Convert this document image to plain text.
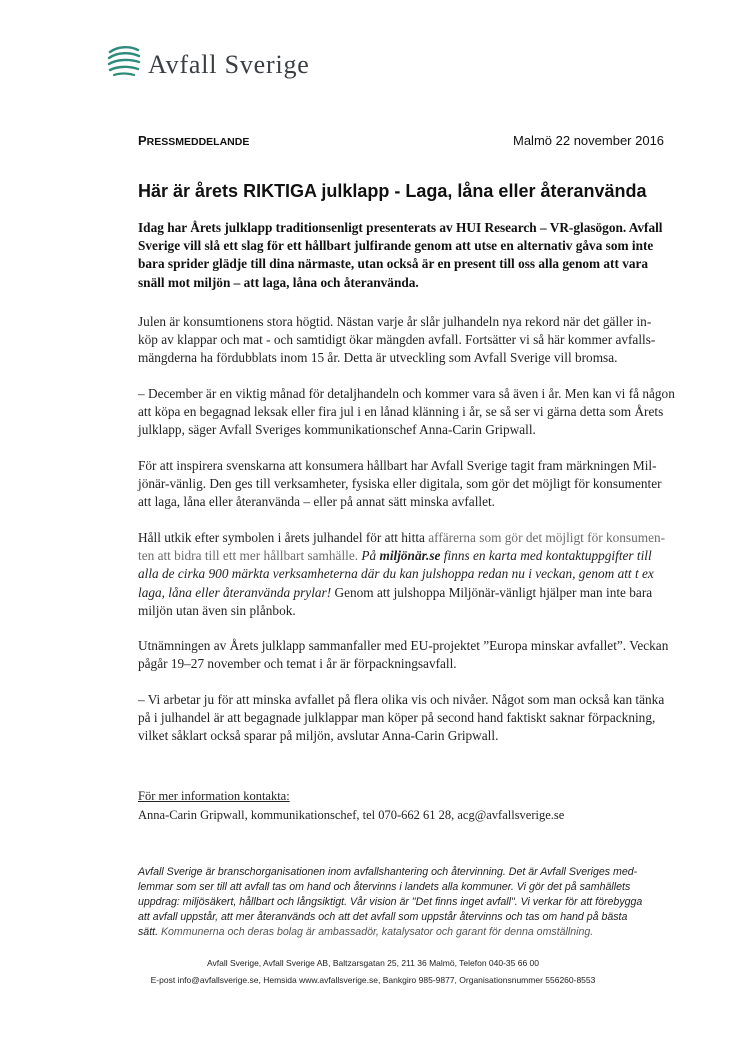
Avfall Sverige
PRESSMEDDELANDE	Malmö 22 november 2016
Här är årets RIKTIGA julklapp - Laga, låna eller återanvända

Idag har Årets julklapp traditionsenligt presenterats av HUI Research – VR-glasögon. Avfall

Sverige vill slå ett slag för ett hållbart julfirande genom att utse en alternativ gåva som inte

bara sprider glädje till dina närmaste, utan också är en present till oss alla genom att vara

snäll mot miljön – att laga, låna och återanvända.

Julen är konsumtionens stora högtid. Nästan varje år slår julhandeln nya rekord när det gäller in-

köp av klappar och mat - och samtidigt ökar mängden avfall. Fortsätter vi så här kommer avfalls-

mängderna ha fördubblats inom 15 år. Detta är utveckling som Avfall Sverige vill bromsa.

– December är en viktig månad för detaljhandeln och kommer vara så även i år. Men kan vi få någon

att köpa en begagnad leksak eller fira jul i en lånad klänning i år, se så ser vi gärna detta som Årets

julklapp, säger Avfall Sveriges kommunikationschef Anna-Carin Gripwall.

För att inspirera svenskarna att konsumera hållbart har Avfall Sverige tagit fram märkningen Mil-

jönär-vänlig. Den ges till verksamheter, fysiska eller digitala, som gör det möjligt för konsumenter

att laga, låna eller återanvända – eller på annat sätt minska avfallet.

Håll utkik efter symbolen i årets julhandel för att hitta affärerna som gör det möjligt för konsumen-

ten att bidra till ett mer hållbart samhälle. På miljönär.se finns en karta med kontaktuppgifter till

alla de cirka 900 märkta verksamheterna där du kan julshoppa redan nu i veckan, genom att t ex

laga, låna eller återanvända prylar! Genom att julshoppa Miljönär-vänligt hjälper man inte bara

miljön utan även sin plånbok.

Utnämningen av Årets julklapp sammanfaller med EU-projektet ”Europa minskar avfallet”. Veckan

pågår 19–27 november och temat i år är förpackningsavfall.

– Vi arbetar ju för att minska avfallet på flera olika vis och nivåer. Något som man också kan tänka

på i julhandel är att begagnade julklappar man köper på second hand faktiskt saknar förpackning,

vilket såklart också sparar på miljön, avslutar Anna-Carin Gripwall.

För mer information kontakta:
Anna-Carin Gripwall, kommunikationschef, tel 070-662 61 28, acg@avfallsverige.se
Avfall Sverige är branschorganisationen inom avfallshantering och återvinning. Det är Avfall Sveriges med-
lemmar som ser till att avfall tas om hand och återvinns i landets alla kommuner. Vi gör det på samhällets
uppdrag: miljösäkert, hållbart och långsiktigt. Vår vision är "Det finns inget avfall". Vi verkar för att förebygga
att avfall uppstår, att mer återanvänds och att det avfall som uppstår återvinns och tas om hand på bästa
sätt. Kommunerna och deras bolag är ambassadör, katalysator och garant för denna omställning.
Avfall Sverige, Avfall Sverige AB, Baltzarsgatan 25, 211 36 Malmö, Telefon 040-35 66 00
E-post info@avfallsverige.se, Hemsida www.avfallsverige.se, Bankgiro 985-9877, Organisationsnummer 556260-8553
